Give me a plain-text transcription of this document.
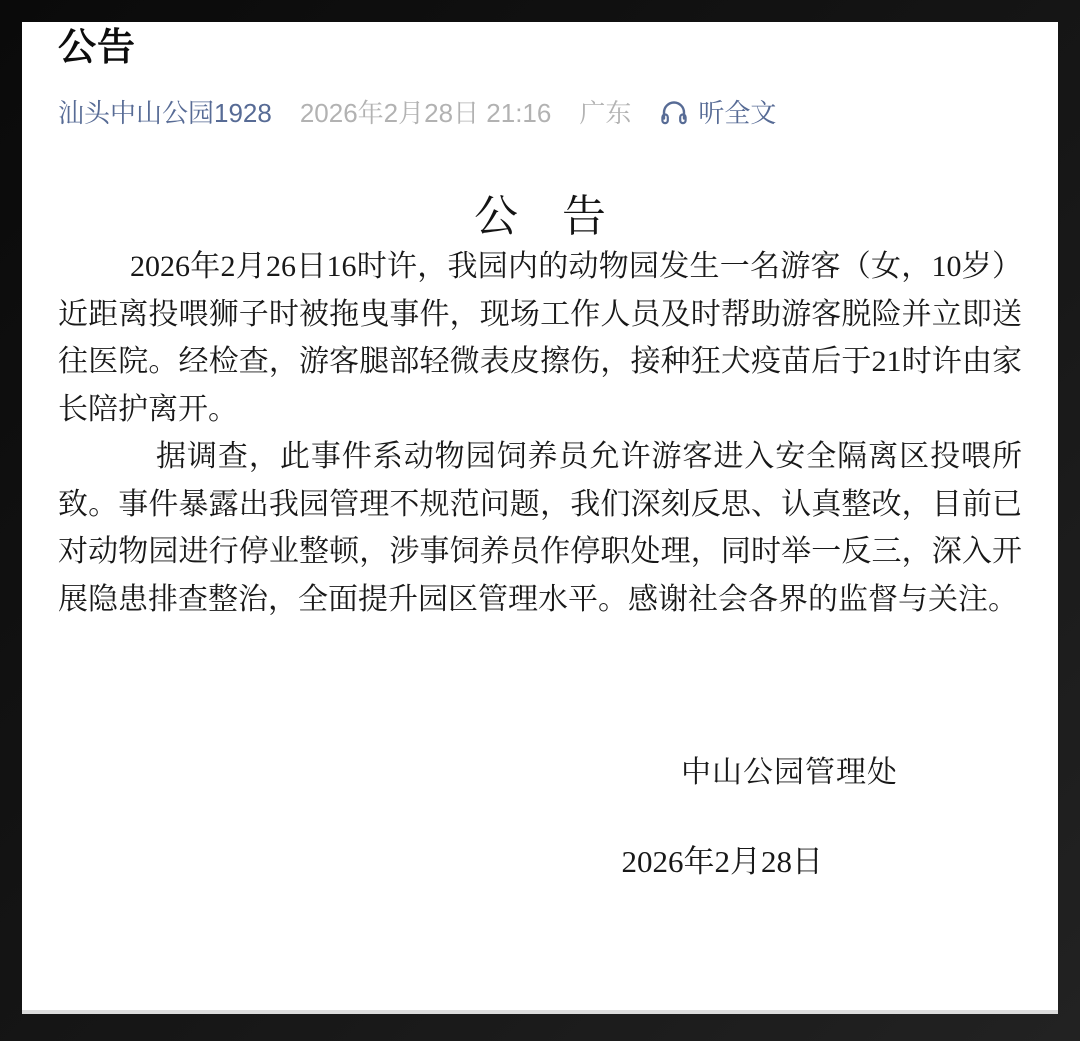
公告
汕头中山公园1928 2026年2月28日 21:16 广东	听全文
公　告

2026年2月26日16时许，我园内的动物园发生一名游客（女，10岁）近距离投喂狮子时被拖曳事件，现场工作人员及时帮助游客脱险并立即送往医院。经检查，游客腿部轻微表皮擦伤，接种狂犬疫苗后于21时许由家长陪护离开。

据调查，此事件系动物园饲养员允许游客进入安全隔离区投喂所致。事件暴露出我园管理不规范问题，我们深刻反思、认真整改，目前已对动物园进行停业整顿，涉事饲养员作停职处理，同时举一反三，深入开展隐患排查整治，全面提升园区管理水平。感谢社会各界的监督与关注。

中山公园管理处
2026年2月28日
